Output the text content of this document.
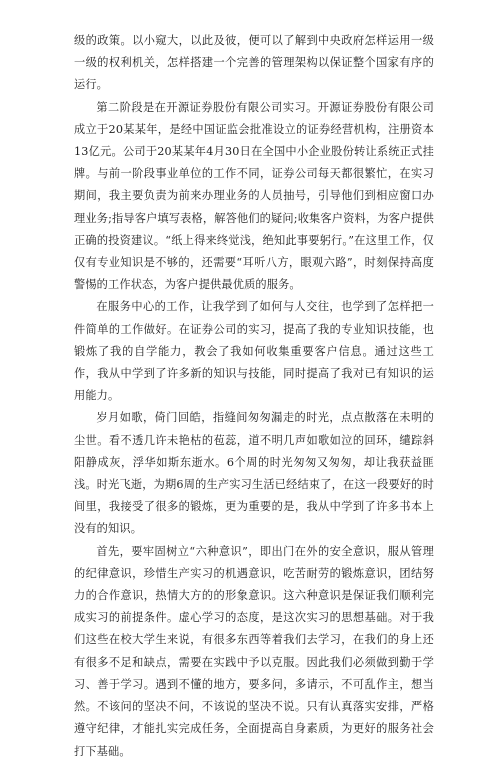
级的政策。以小窥大，以此及彼，便可以了解到中央政府怎样运用一级一级的权利机关，怎样搭建一个完善的管理架构以保证整个国家有序的运行。

第二阶段是在开源证券股份有限公司实习。开源证券股份有限公司成立于20某某年，是经中国证监会批准设立的证券经营机构，注册资本13亿元。公司于20某某年4月30日在全国中小企业股份转让系统正式挂牌。与前一阶段事业单位的工作不同，证券公司每天都很繁忙，在实习期间，我主要负责为前来办理业务的人员抽号，引导他们到相应窗口办理业务;指导客户填写表格，解答他们的疑问;收集客户资料，为客户提供正确的投资建议。“纸上得来终觉浅，绝知此事要躬行。”在这里工作，仅仅有专业知识是不够的，还需要“耳听八方，眼观六路”，时刻保持高度警惕的工作状态，为客户提供最优质的服务。

在服务中心的工作，让我学到了如何与人交往，也学到了怎样把一件简单的工作做好。在证券公司的实习，提高了我的专业知识技能，也锻炼了我的自学能力，教会了我如何收集重要客户信息。通过这些工作，我从中学到了许多新的知识与技能，同时提高了我对已有知识的运用能力。

岁月如歌，倚门回皓，指缝间匆匆漏走的时光，点点散落在未明的尘世。看不透几许未艳枯的苞蕊，道不明几声如歌如泣的回环，缱踪斜阳静成灰，浮华如斯东逝水。6个周的时光匆匆又匆匆，却让我获益匪浅。时光飞逝，为期6周的生产实习生活已经结束了，在这一段要好的时间里，我接受了很多的锻炼，更为重要的是，我从中学到了许多书本上没有的知识。

首先，要牢固树立“六种意识”，即出门在外的安全意识，服从管理的纪律意识，珍惜生产实习的机遇意识，吃苦耐劳的锻炼意识，团结努力的合作意识，热情大方的的形象意识。这六种意识是保证我们顺利完成实习的前提条件。虚心学习的态度，是这次实习的思想基础。对于我们这些在校大学生来说，有很多东西等着我们去学习，在我们的身上还有很多不足和缺点，需要在实践中予以克服。因此我们必须做到勤于学习、善于学习。遇到不懂的地方，要多问，多请示，不可乱作主，想当然。不该问的坚决不问，不该说的坚决不说。只有认真落实安排，严格遵守纪律，才能扎实完成任务，全面提高自身素质，为更好的服务社会打下基础。
